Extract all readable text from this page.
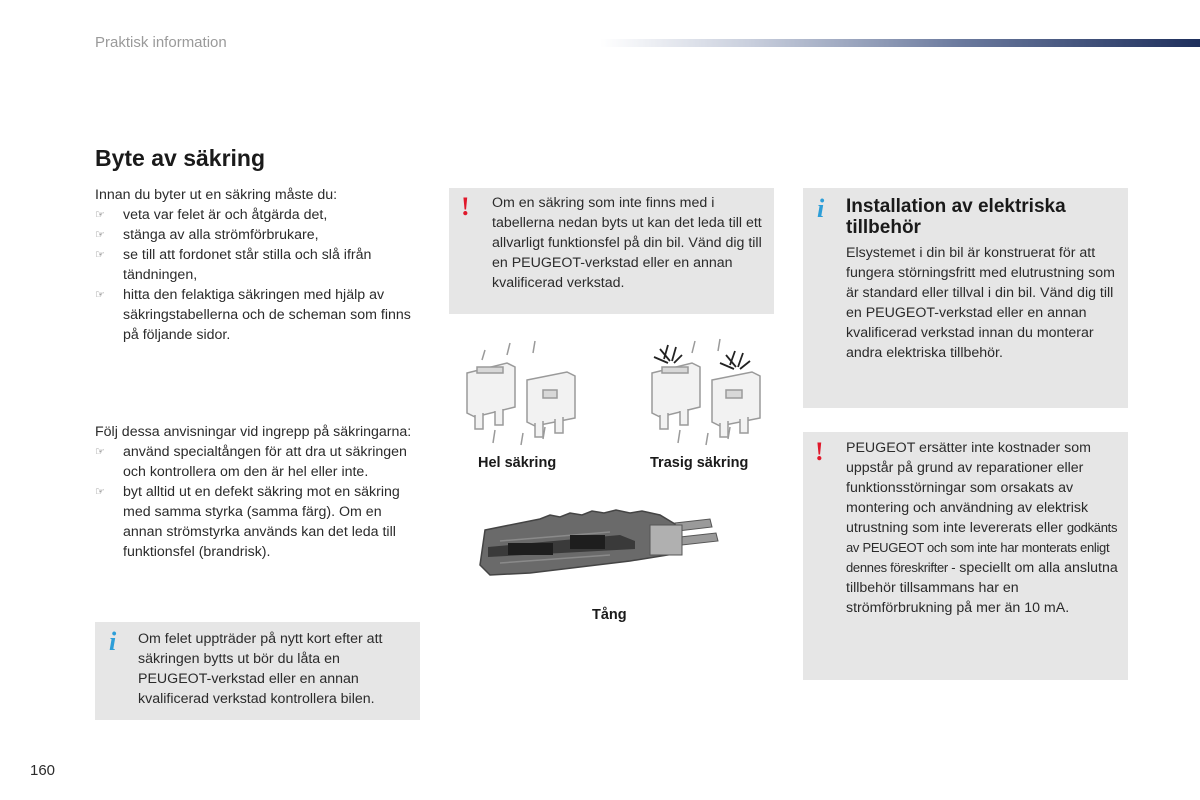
Praktisk information
Byte av säkring
Innan du byter ut en säkring måste du:
☞ veta var felet är och åtgärda det,
☞ stänga av alla strömförbrukare,
☞ se till att fordonet står stilla och slå ifrån tändningen,
☞ hitta den felaktiga säkringen med hjälp av säkringstabellerna och de scheman som finns på följande sidor.
Följ dessa anvisningar vid ingrepp på säkringarna:
☞ använd specialtången för att dra ut säkringen och kontrollera om den är hel eller inte.
☞ byt alltid ut en defekt säkring mot en säkring med samma styrka (samma färg). Om en annan strömstyrka används kan det leda till funktionsfel (brandrisk).
i Om felet uppträder på nytt kort efter att säkringen bytts ut bör du låta en PEUGEOT-verkstad eller en annan kvalificerad verkstad kontrollera bilen.
! Om en säkring som inte finns med i tabellerna nedan byts ut kan det leda till ett allvarligt funktionsfel på din bil. Vänd dig till en PEUGEOT-verkstad eller en annan kvalificerad verkstad.
Hel säkring	Trasig säkring
Tång
i Installation av elektriska tillbehör
Elsystemet i din bil är konstruerat för att fungera störningsfritt med elutrustning som är standard eller tillval i din bil. Vänd dig till en PEUGEOT-verkstad eller en annan kvalificerad verkstad innan du monterar andra elektriska tillbehör.
! PEUGEOT ersätter inte kostnader som uppstår på grund av reparationer eller funktionsstörningar som orsakats av montering och användning av elektrisk utrustning som inte levererats eller godkänts av PEUGEOT och som inte har monterats enligt dennes föreskrifter - speciellt om alla anslutna tillbehör tillsammans har en strömförbrukning på mer än 10 mA.
160
